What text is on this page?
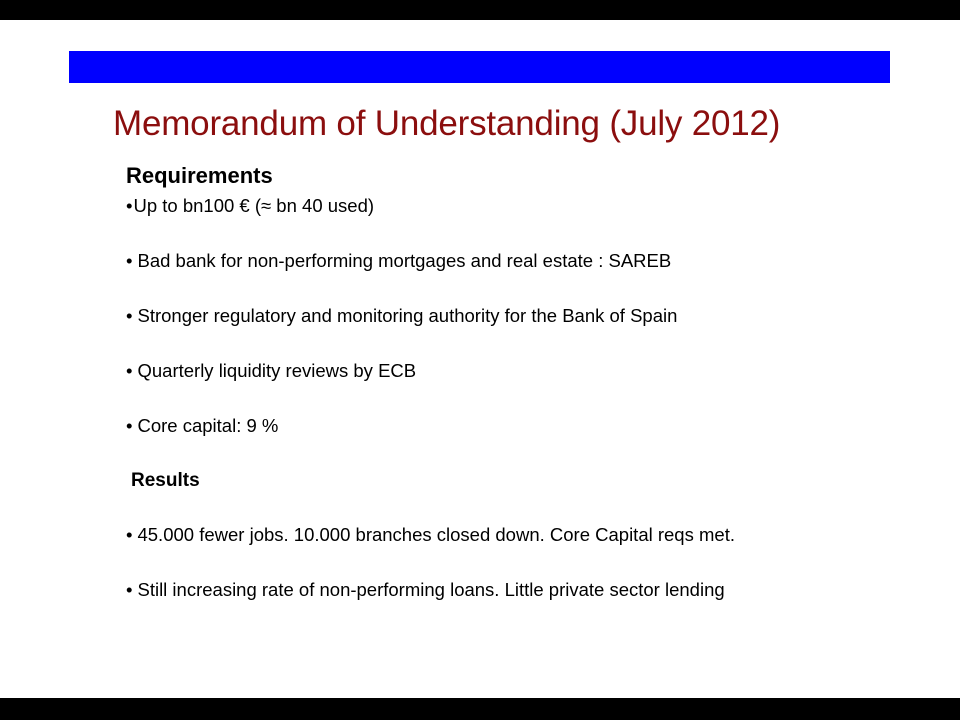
Memorandum of Understanding (July 2012)
Requirements

•Up to bn100 € (≈ bn 40 used)

• Bad bank for non-performing mortgages and real estate : SAREB

• Stronger regulatory and monitoring authority for the Bank of Spain

• Quarterly liquidity reviews by ECB

• Core capital: 9 %

Results

• 45.000 fewer jobs. 10.000 branches closed down. Core Capital reqs met.

• Still increasing rate of non-performing loans. Little private sector lending
